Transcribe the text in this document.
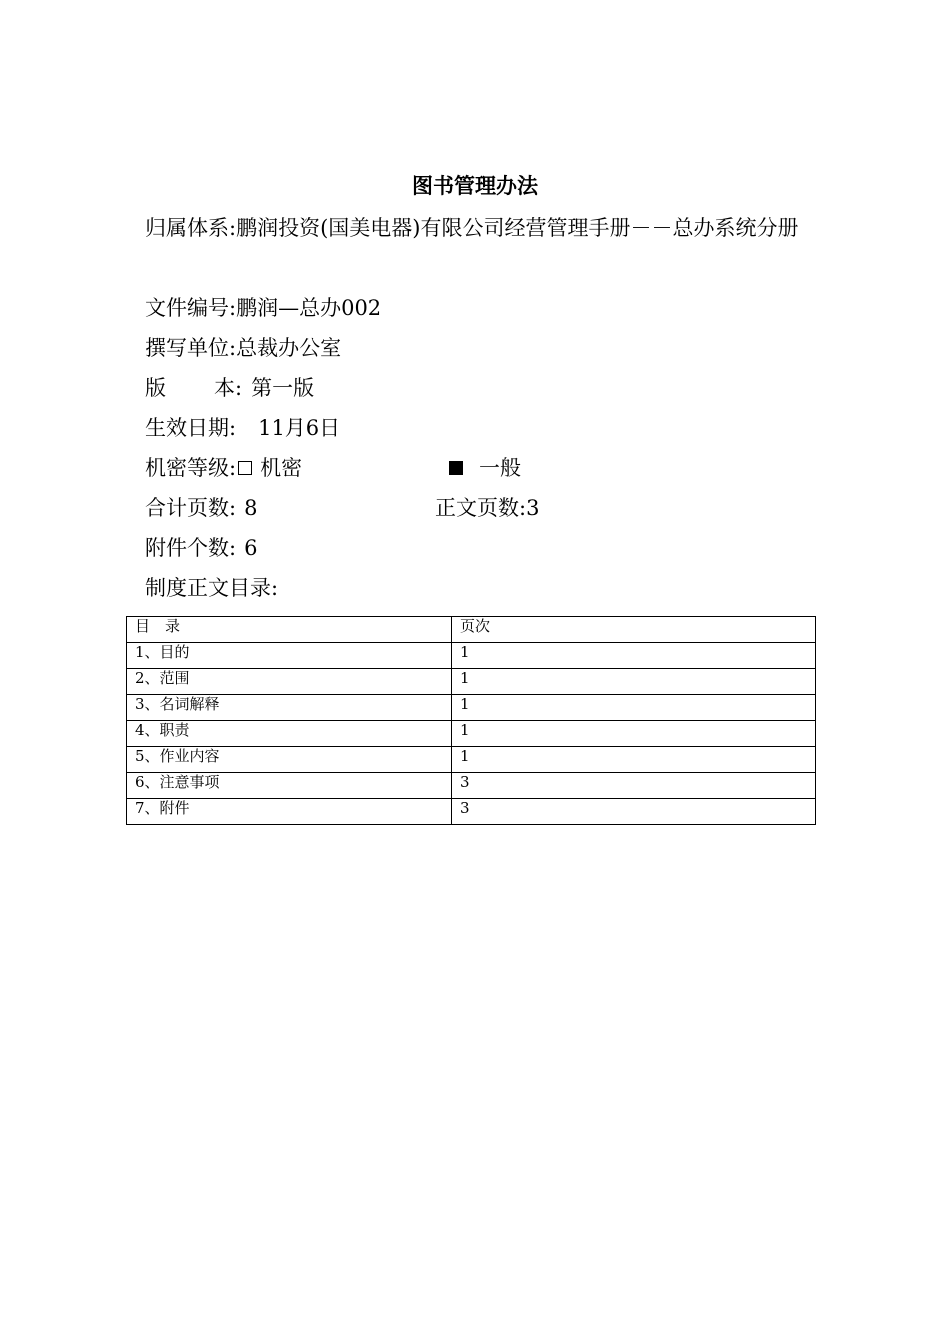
图书管理办法
归属体系:鹏润投资(国美电器)有限公司经营管理手册－－总办系统分册
文件编号:鹏润—总办002
撰写单位:总裁办公室
版 本: 第一版
生效日期: 11月6日
机密等级: 机密	一般
合计页数: 8	正文页数:3
附件个数: 6
制度正文目录:
目　录	页次
1、目的	1
2、范围	1
3、名词解释	1
4、职责	1
5、作业内容	1
6、注意事项	3
7、附件	3
